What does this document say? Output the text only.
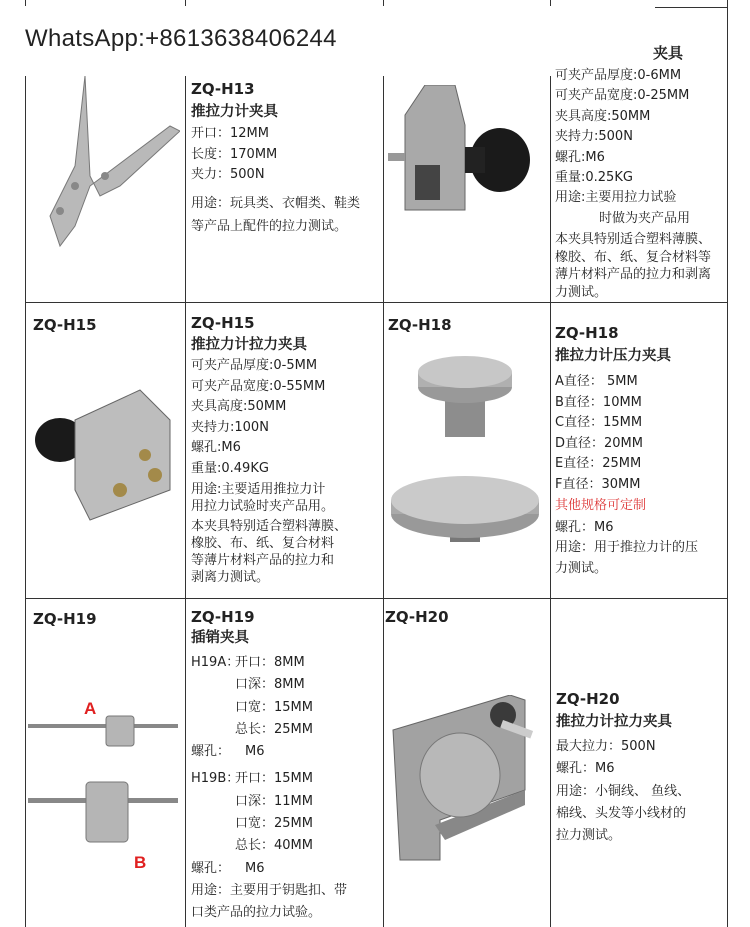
WhatsApp:+8613638406244
夹具
ZQ-H13
推拉力计夹具
开口：12MM
长度：170MM
夹力：500N
用途：玩具类、衣帽类、鞋类
等产品上配件的拉力测试。
可夹产品厚度:0-6MM
可夹产品宽度:0-25MM
夹具高度:50MM
夹持力:500N
螺孔:M6
重量:0.25KG
用途:主要用拉力试验
时做为夹产品用
本夹具特别适合塑料薄膜、
橡胶、布、纸、复合材料等
薄片材料产品的拉力和剥离
力测试。
ZQ-H15	ZQ-H15
推拉力计拉力夹具
可夹产品厚度:0-5MM
可夹产品宽度:0-55MM
夹具高度:50MM
夹持力:100N
螺孔:M6
重量:0.49KG
用途:主要适用推拉力计
用拉力试验时夹产品用。
本夹具特别适合塑料薄膜、
橡胶、布、纸、复合材料
等薄片材料产品的拉力和
剥离力测试。
ZQ-H18	ZQ-H18
推拉力计压力夹具
A直径： 5MM
B直径：10MM
C直径：15MM
D直径：20MM
E直径：25MM
F直径：30MM
其他规格可定制
螺孔：M6
用途：用于推拉力计的压
力测试。
ZQ-H19
A
B
ZQ-H19
插销夹具
H19A：开口：8MM
口深：8MM
口宽：15MM
总长：25MM
螺孔： M6
H19B：开口：15MM
口深：11MM
口宽：25MM
总长：40MM
螺孔： M6
用途：主要用于钥匙扣、带
口类产品的拉力试验。
ZQ-H20
ZQ-H20
推拉力计拉力夹具
最大拉力：500N
螺孔：M6
用途：小铜线、 鱼线、
棉线、头发等小线材的
拉力测试。
